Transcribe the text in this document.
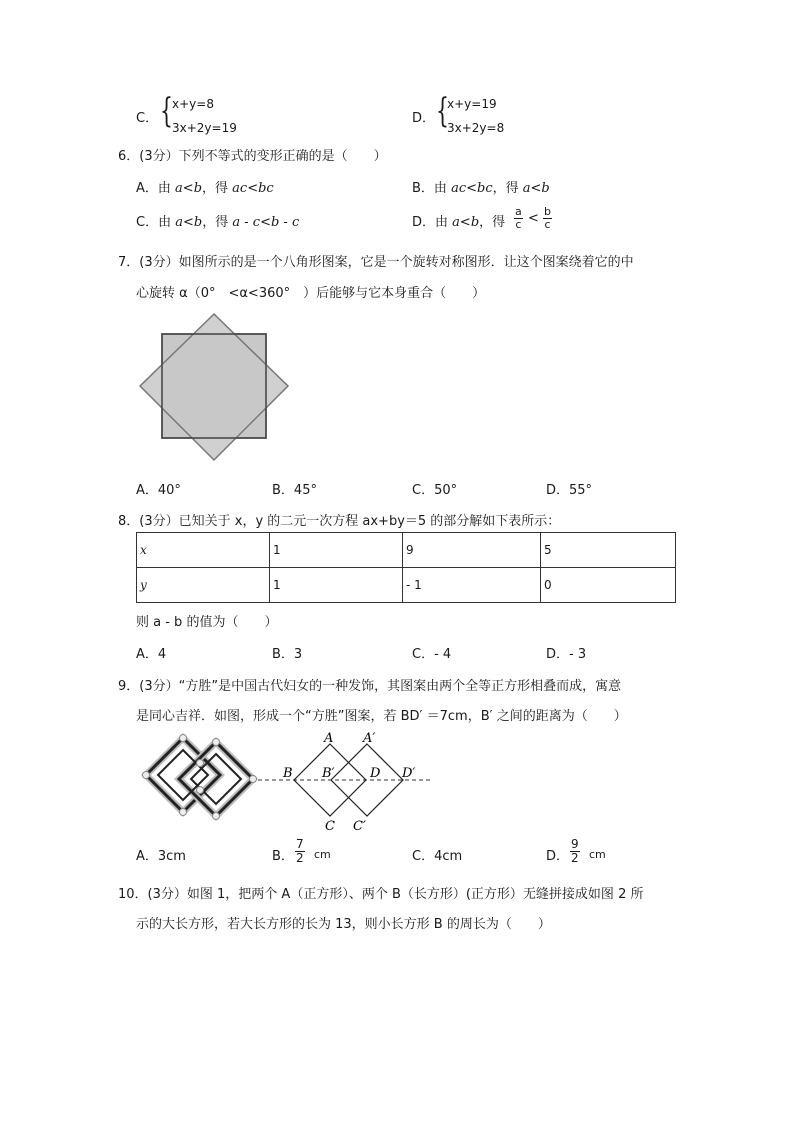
C． { x+y=8
3x+2y=19
D． {
x+y=19
3x+2y=8
6．(3分）下列不等式的变形正确的是（　　）
A．由 a<b，得 ac<bc	B．由 ac<bc，得 a<b
C．由 a<b，得 a - c<b - c	D．由 a<b，得 $\frac{a}{c} < \frac{b}{c}$
7．(3分）如图所示的是一个八角形图案，它是一个旋转对称图形．让这个图案绕着它的中
心旋转 α（0°　<α<360°　）后能够与它本身重合（　　）
A．40°	B．45°	C．50°	D．55°
8．(3分）已知关于 x，y 的二元一次方程 ax+by＝5 的部分解如下表所示：
x	1	9	5
y	1	- 1	0
则 a - b 的值为（　　）
A．4	B．3	C．- 4	D．- 3
9．(3分）“方胜”是中国古代妇女的一种发饰，其图案由两个全等正方形相叠而成，寓意
是同心吉祥．如图，形成一个“方胜”图案，若 BD′ ＝7cm，B′ 之间的距离为（　　）
A A′
B B′	D D′
C C′
A．3cm	B． $\frac{7}{2}$ cm	C．4cm	D． $\frac{9}{2}$ cm
10．(3分）如图 1，把两个 A（正方形）、两个 B（长方形）(正方形）无缝拼接成如图 2 所
示的大长方形，若大长方形的长为 13，则小长方形 B 的周长为（　　）
